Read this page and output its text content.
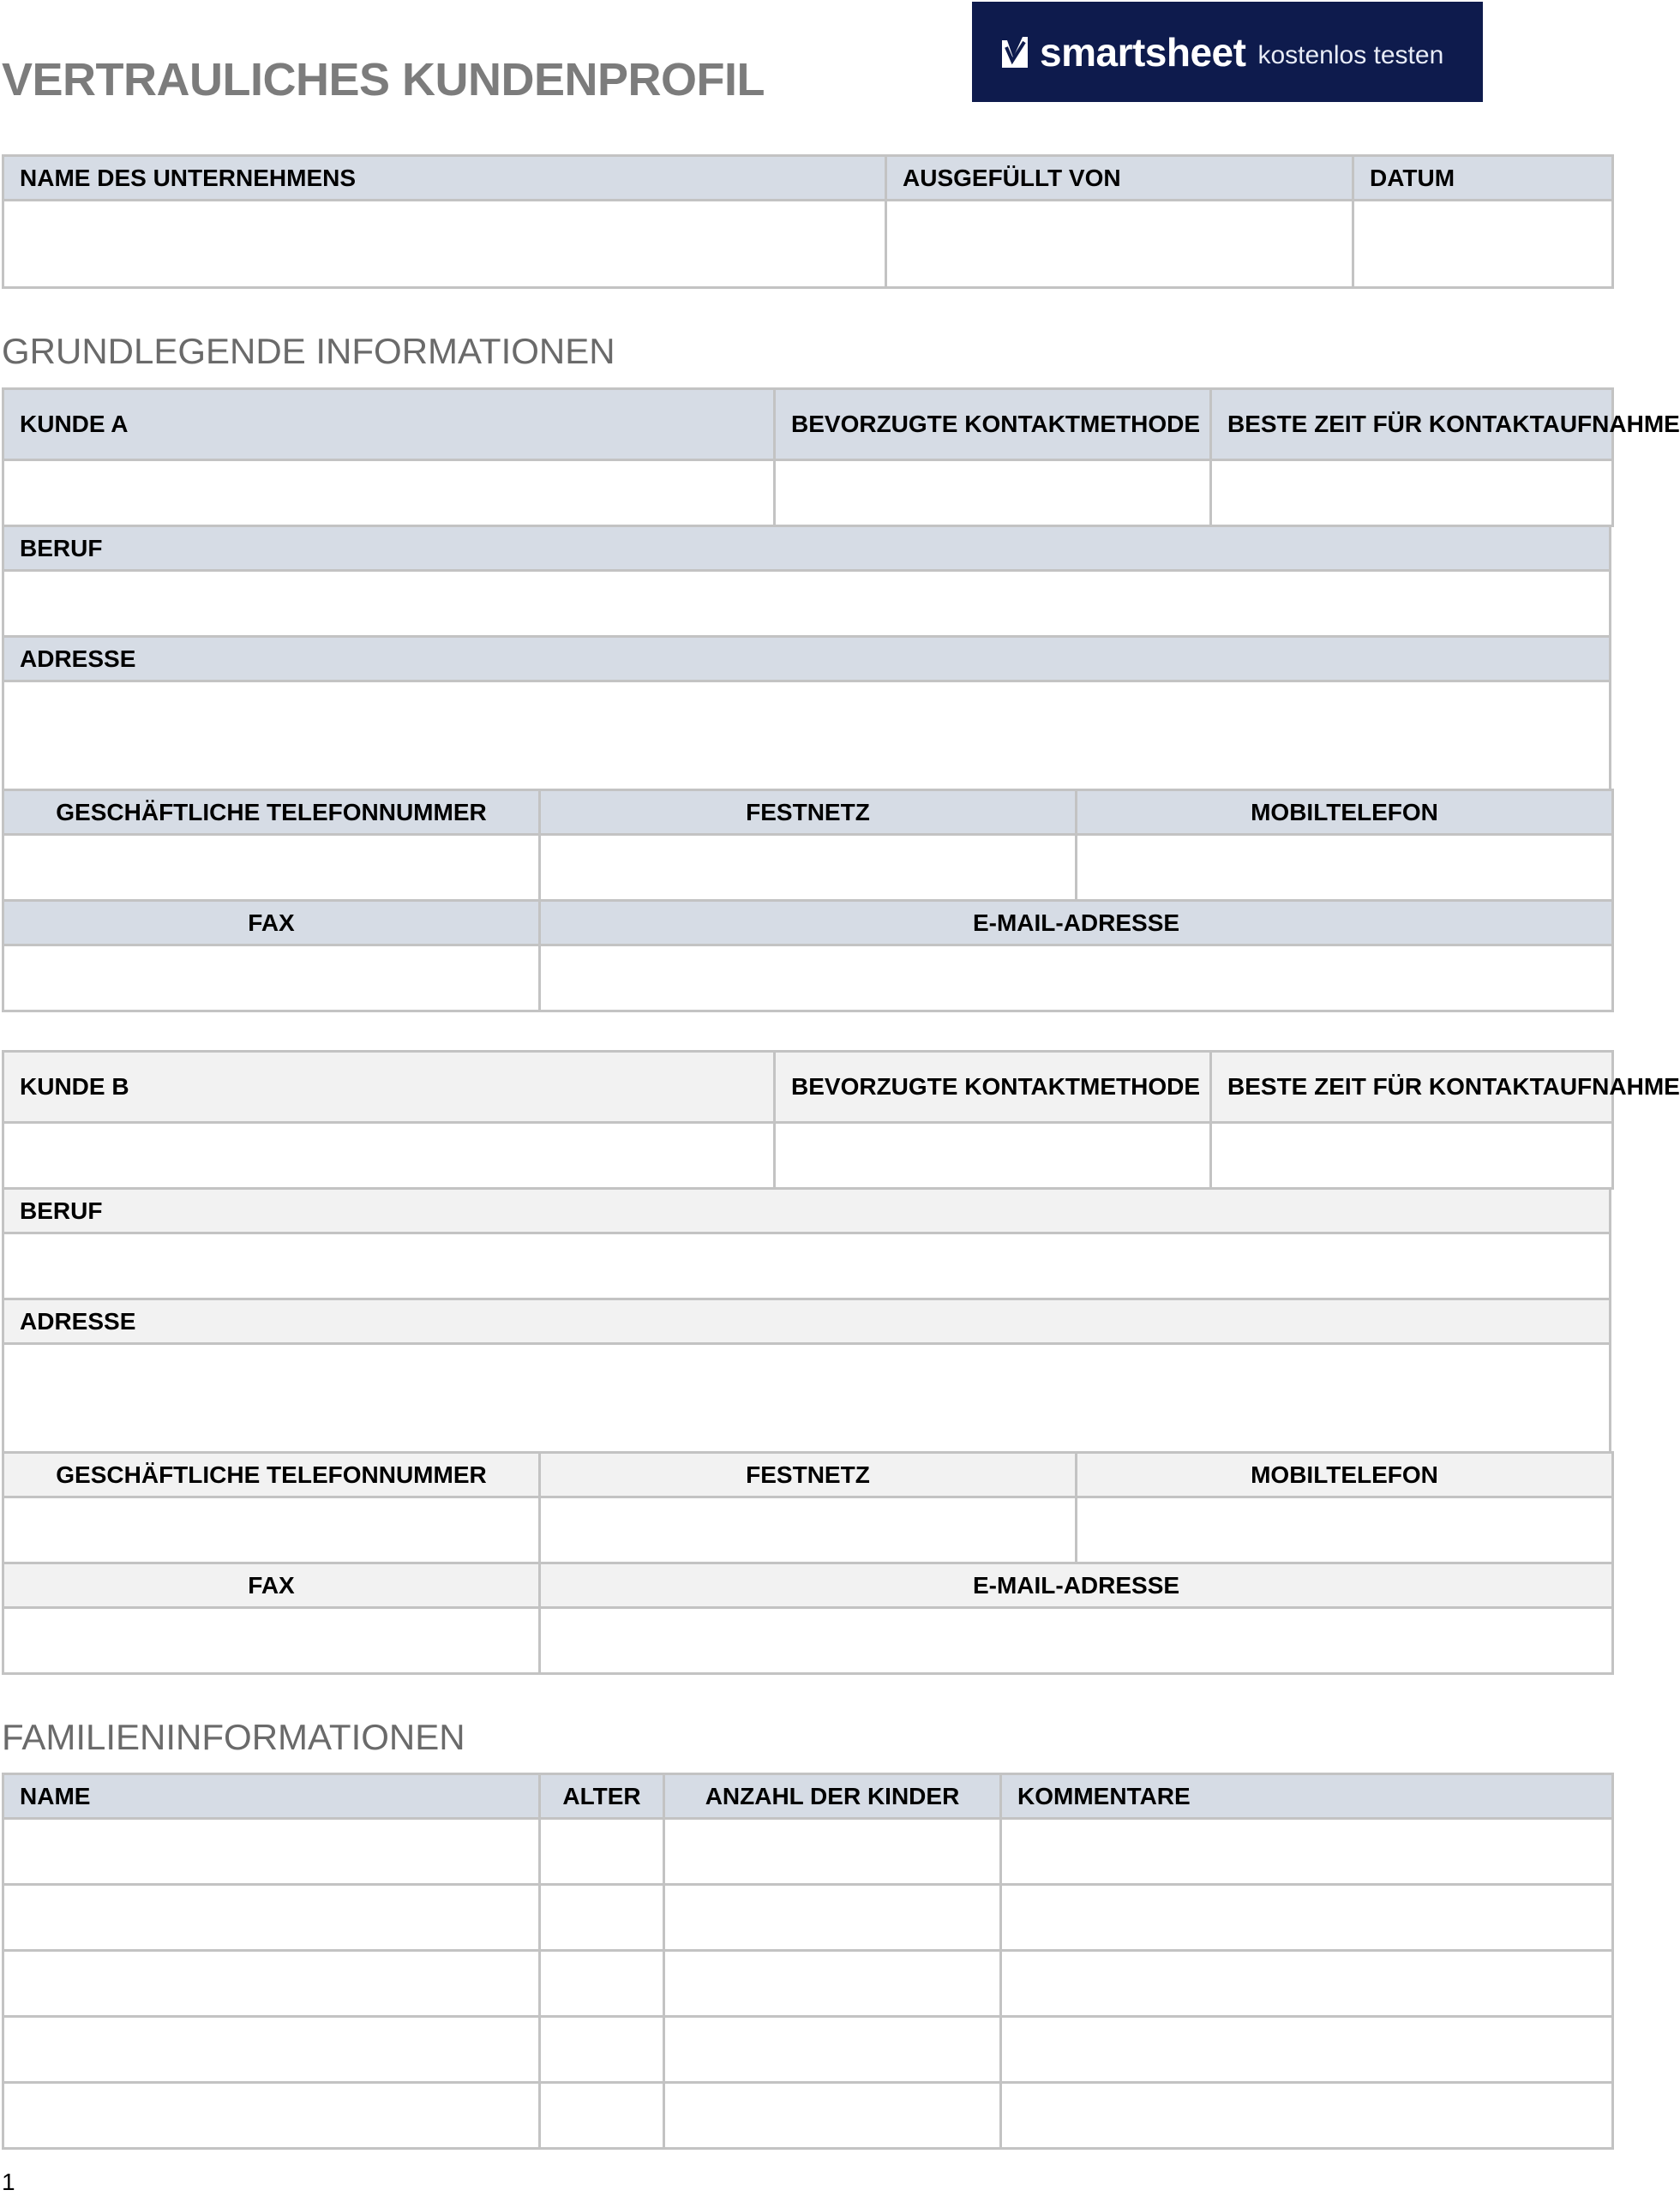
VERTRAULICHES KUNDENPROFIL
smartsheet kostenlos testen
NAME DES UNTERNEHMENS	AUSGEFÜLLT VON	DATUM

GRUNDLEGENDE INFORMATIONEN
KUNDE A	BEVORZUGTE KONTAKTMETHODE	BESTE ZEIT FÜR KONTAKTAUFNAHME

BERUF

ADRESSE

GESCHÄFTLICHE TELEFONNUMMER	FESTNETZ	MOBILTELEFON

FAX	E-MAIL-ADRESSE

KUNDE B	BEVORZUGTE KONTAKTMETHODE	BESTE ZEIT FÜR KONTAKTAUFNAHME

BERUF

ADRESSE

GESCHÄFTLICHE TELEFONNUMMER	FESTNETZ	MOBILTELEFON

FAX	E-MAIL-ADRESSE

FAMILIENINFORMATIONEN
NAME	ALTER	ANZAHL DER KINDER	KOMMENTARE

1
